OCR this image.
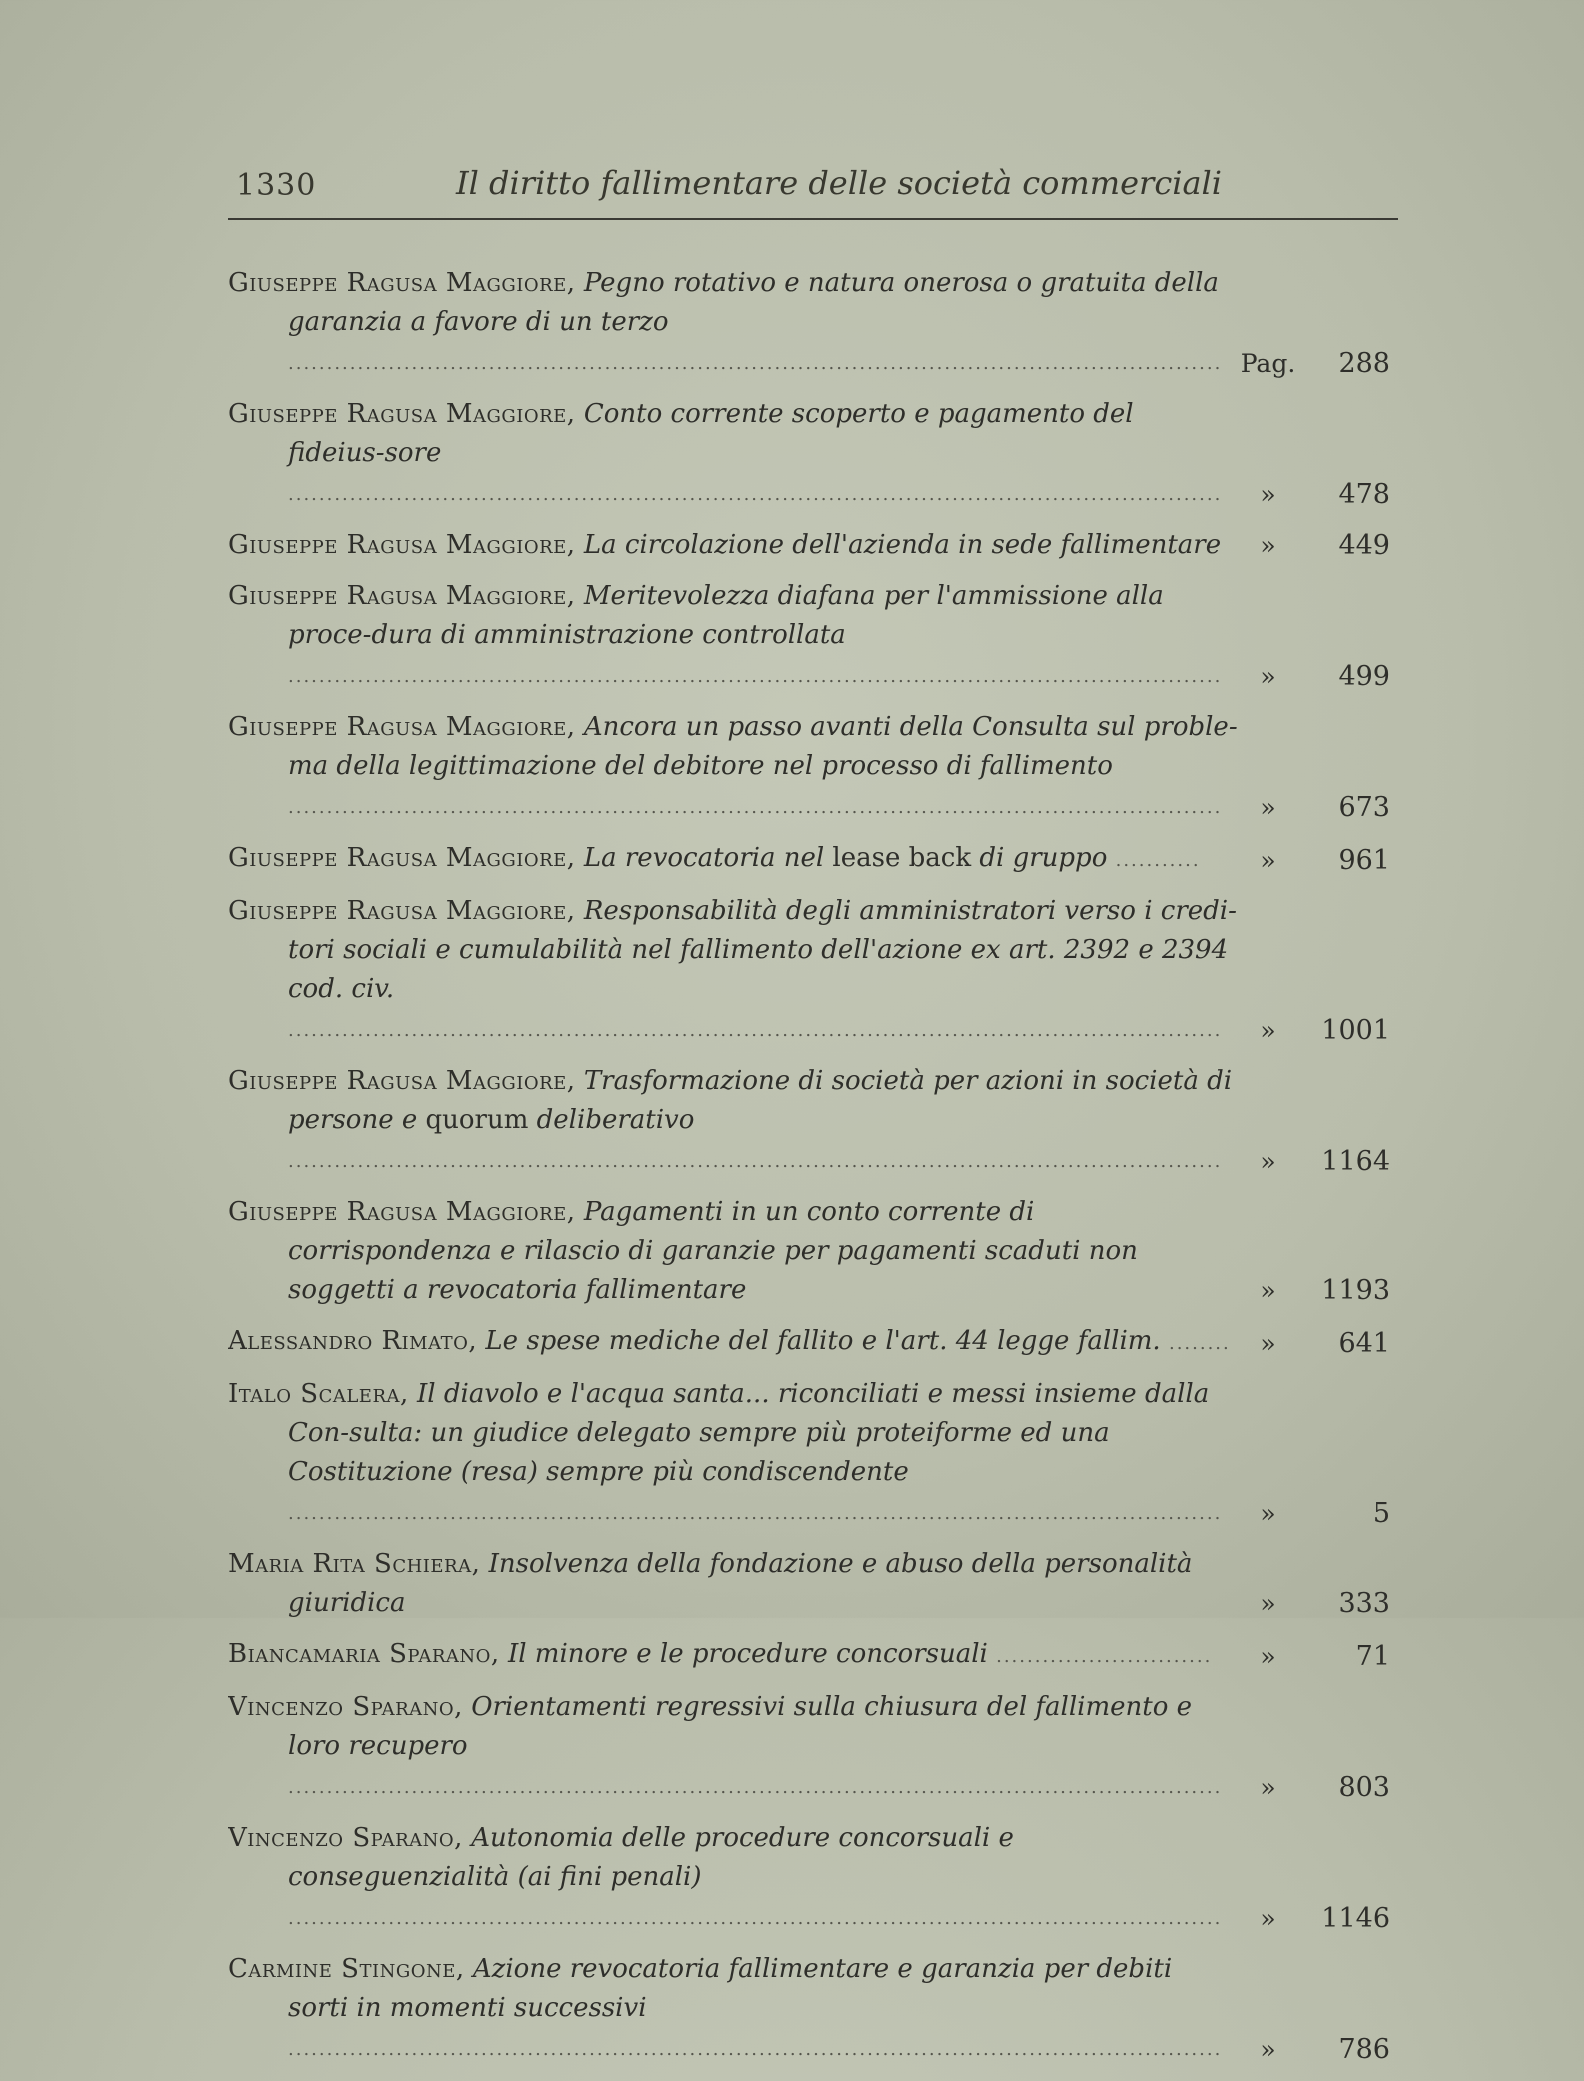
1330	Il diritto fallimentare delle società commerciali
Giuseppe Ragusa Maggiore, Pegno rotativo e natura onerosa o gratuita della garanzia a favore di un terzo ......................................................................................................................... Pag.	288
Giuseppe Ragusa Maggiore, Conto corrente scoperto e pagamento del fideius-sore .........................................................................................................................	»	478
Giuseppe Ragusa Maggiore, La circolazione dell'azienda in sede fallimentare	»	449
Giuseppe Ragusa Maggiore, Meritevolezza diafana per l'ammissione alla proce-dura di amministrazione controllata .........................................................................................................................	»	499
Giuseppe Ragusa Maggiore, Ancora un passo avanti della Consulta sul proble-ma della legittimazione del debitore nel processo di fallimento .........................................................................................................................	»	673
Giuseppe Ragusa Maggiore, La revocatoria nel lease back di gruppo ...........	»	961
Giuseppe Ragusa Maggiore, Responsabilità degli amministratori verso i credi-tori sociali e cumulabilità nel fallimento dell'azione ex art. 2392 e 2394 cod. civ. .........................................................................................................................	»	1001
Giuseppe Ragusa Maggiore, Trasformazione di società per azioni in società di persone e quorum deliberativo .........................................................................................................................	»	1164
Giuseppe Ragusa Maggiore, Pagamenti in un conto corrente di corrispondenza e rilascio di garanzie per pagamenti scaduti non soggetti a revocatoria fallimentare	»	1193
Alessandro Rimato, Le spese mediche del fallito e l'art. 44 legge fallim. ........	»	641
Italo Scalera, Il diavolo e l'acqua santa... riconciliati e messi insieme dalla Con-sulta: un giudice delegato sempre più proteiforme ed una Costituzione (resa) sempre più condiscendente .........................................................................................................................	»	5
Maria Rita Schiera, Insolvenza della fondazione e abuso della personalità giuridica	»	333
Biancamaria Sparano, Il minore e le procedure concorsuali ............................	»	71
Vincenzo Sparano, Orientamenti regressivi sulla chiusura del fallimento e loro recupero .........................................................................................................................	»	803
Vincenzo Sparano, Autonomia delle procedure concorsuali e conseguenzialità (ai fini penali) .........................................................................................................................	»	1146
Carmine Stingone, Azione revocatoria fallimentare e garanzia per debiti sorti in momenti successivi .........................................................................................................................	»	786
